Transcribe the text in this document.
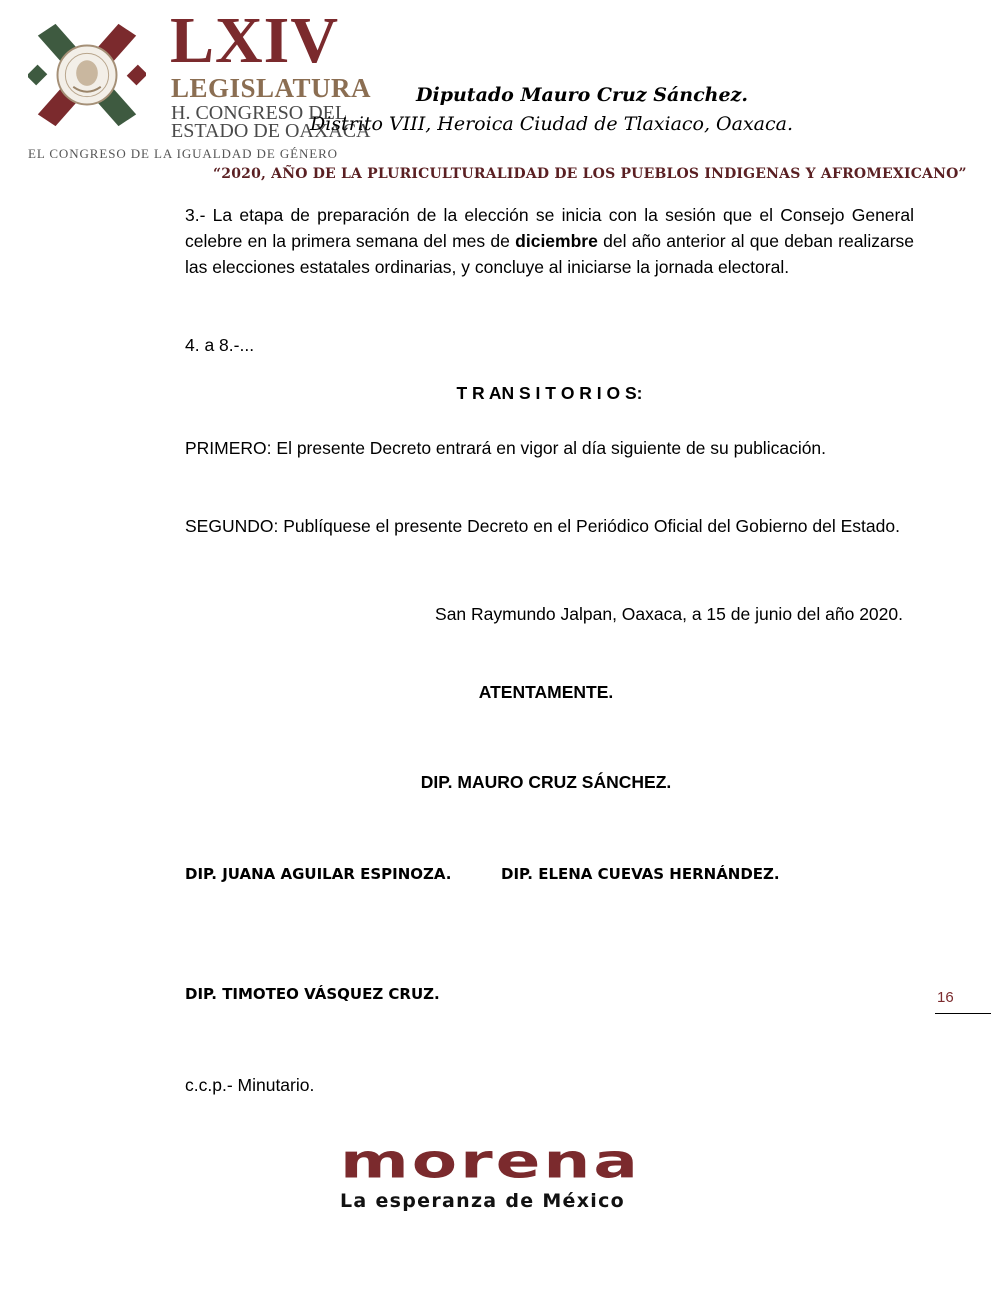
LXIV
LEGISLATURA
H. CONGRESO DEL
ESTADO DE OAXACA
EL CONGRESO DE LA IGUALDAD DE GÉNERO
Diputado Mauro Cruz Sánchez.
Distrito VIII, Heroica Ciudad de Tlaxiaco, Oaxaca.
“2020, AÑO DE LA PLURICULTURALIDAD DE LOS PUEBLOS INDIGENAS Y AFROMEXICANO”
3.- La etapa de preparación de la elección se inicia con la sesión que el Consejo General celebre en la primera semana del mes de diciembre del año anterior al que deban realizarse las elecciones estatales ordinarias, y concluye al iniciarse la jornada electoral.
4. a 8.-...
T R AN S I T O R I O S:
PRIMERO: El presente Decreto entrará en vigor al día siguiente de su publicación.
SEGUNDO: Publíquese el presente Decreto en el Periódico Oficial del Gobierno del Estado.
San Raymundo Jalpan, Oaxaca, a 15 de junio del año 2020.
ATENTAMENTE.
DIP. MAURO CRUZ SÁNCHEZ.
DIP. JUANA AGUILAR ESPINOZA.	DIP. ELENA CUEVAS HERNÁNDEZ.
DIP. TIMOTEO VÁSQUEZ CRUZ.	16
c.c.p.- Minutario.
morena
La esperanza de México
